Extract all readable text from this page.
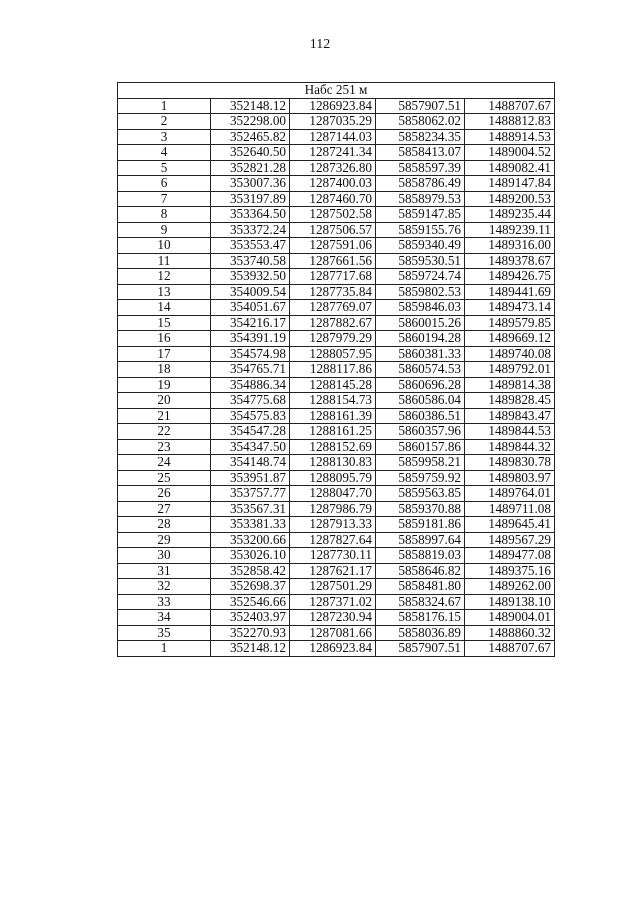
112
Набс 251 м				
1	352148.12	1286923.84	5857907.51	1488707.67
2	352298.00	1287035.29	5858062.02	1488812.83
3	352465.82	1287144.03	5858234.35	1488914.53
4	352640.50	1287241.34	5858413.07	1489004.52
5	352821.28	1287326.80	5858597.39	1489082.41
6	353007.36	1287400.03	5858786.49	1489147.84
7	353197.89	1287460.70	5858979.53	1489200.53
8	353364.50	1287502.58	5859147.85	1489235.44
9	353372.24	1287506.57	5859155.76	1489239.11
10	353553.47	1287591.06	5859340.49	1489316.00
11	353740.58	1287661.56	5859530.51	1489378.67
12	353932.50	1287717.68	5859724.74	1489426.75
13	354009.54	1287735.84	5859802.53	1489441.69
14	354051.67	1287769.07	5859846.03	1489473.14
15	354216.17	1287882.67	5860015.26	1489579.85
16	354391.19	1287979.29	5860194.28	1489669.12
17	354574.98	1288057.95	5860381.33	1489740.08
18	354765.71	1288117.86	5860574.53	1489792.01
19	354886.34	1288145.28	5860696.28	1489814.38
20	354775.68	1288154.73	5860586.04	1489828.45
21	354575.83	1288161.39	5860386.51	1489843.47
22	354547.28	1288161.25	5860357.96	1489844.53
23	354347.50	1288152.69	5860157.86	1489844.32
24	354148.74	1288130.83	5859958.21	1489830.78
25	353951.87	1288095.79	5859759.92	1489803.97
26	353757.77	1288047.70	5859563.85	1489764.01
27	353567.31	1287986.79	5859370.88	1489711.08
28	353381.33	1287913.33	5859181.86	1489645.41
29	353200.66	1287827.64	5858997.64	1489567.29
30	353026.10	1287730.11	5858819.03	1489477.08
31	352858.42	1287621.17	5858646.82	1489375.16
32	352698.37	1287501.29	5858481.80	1489262.00
33	352546.66	1287371.02	5858324.67	1489138.10
34	352403.97	1287230.94	5858176.15	1489004.01
35	352270.93	1287081.66	5858036.89	1488860.32
1	352148.12	1286923.84	5857907.51	1488707.67
